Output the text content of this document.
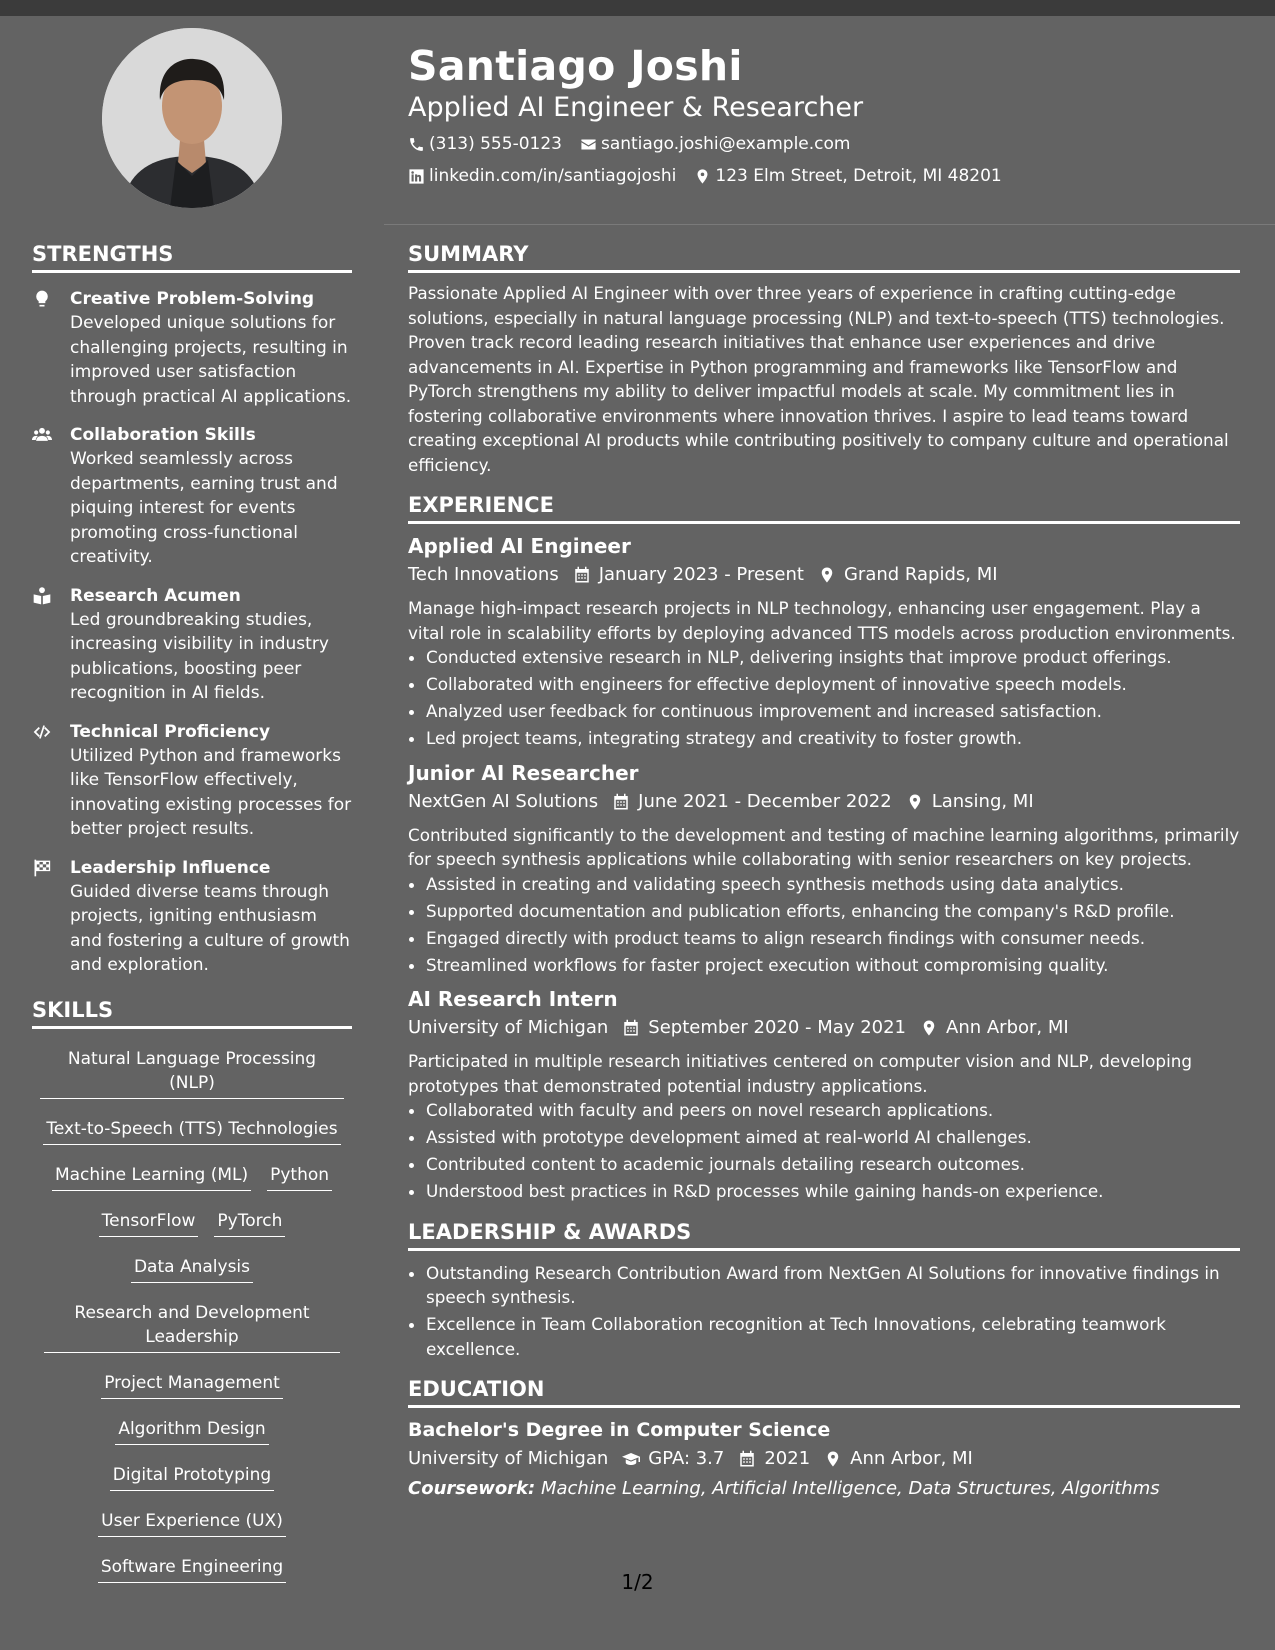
Santiago Joshi
Applied AI Engineer & Researcher
(313) 555-0123 santiago.joshi@example.com
linkedin.com/in/santiagojoshi 123 Elm Street, Detroit, MI 48201
STRENGTHS
Creative Problem-Solving
Developed unique solutions for challenging projects, resulting in improved user satisfaction through practical AI applications.
Collaboration Skills
Worked seamlessly across departments, earning trust and piquing interest for events promoting cross-functional creativity.
Research Acumen
Led groundbreaking studies, increasing visibility in industry publications, boosting peer recognition in AI fields.
Technical Proficiency
Utilized Python and frameworks like TensorFlow effectively, innovating existing processes for better project results.
Leadership Influence
Guided diverse teams through projects, igniting enthusiasm and fostering a culture of growth and exploration.
SKILLS
Natural Language Processing (NLP)
Text-to-Speech (TTS) Technologies
Machine Learning (ML) Python
TensorFlow PyTorch
Data Analysis
Research and Development Leadership
Project Management
Algorithm Design
Digital Prototyping
User Experience (UX)
Software Engineering
SUMMARY
Passionate Applied AI Engineer with over three years of experience in crafting cutting-edge solutions, especially in natural language processing (NLP) and text-to-speech (TTS) technologies. Proven track record leading research initiatives that enhance user experiences and drive advancements in AI. Expertise in Python programming and frameworks like TensorFlow and PyTorch strengthens my ability to deliver impactful models at scale. My commitment lies in fostering collaborative environments where innovation thrives. I aspire to lead teams toward creating exceptional AI products while contributing positively to company culture and operational efficiency.
EXPERIENCE
Applied AI Engineer
Tech Innovations January 2023 - Present Grand Rapids, MI
Manage high-impact research projects in NLP technology, enhancing user engagement. Play a vital role in scalability efforts by deploying advanced TTS models across production environments.
• Conducted extensive research in NLP, delivering insights that improve product offerings.
• Collaborated with engineers for effective deployment of innovative speech models.
• Analyzed user feedback for continuous improvement and increased satisfaction.
• Led project teams, integrating strategy and creativity to foster growth.
Junior AI Researcher
NextGen AI Solutions June 2021 - December 2022 Lansing, MI
Contributed significantly to the development and testing of machine learning algorithms, primarily for speech synthesis applications while collaborating with senior researchers on key projects.
• Assisted in creating and validating speech synthesis methods using data analytics.
• Supported documentation and publication efforts, enhancing the company's R&D profile.
• Engaged directly with product teams to align research findings with consumer needs.
• Streamlined workflows for faster project execution without compromising quality.
AI Research Intern
University of Michigan September 2020 - May 2021 Ann Arbor, MI
Participated in multiple research initiatives centered on computer vision and NLP, developing prototypes that demonstrated potential industry applications.
• Collaborated with faculty and peers on novel research applications.
• Assisted with prototype development aimed at real-world AI challenges.
• Contributed content to academic journals detailing research outcomes.
• Understood best practices in R&D processes while gaining hands-on experience.
LEADERSHIP & AWARDS
• Outstanding Research Contribution Award from NextGen AI Solutions for innovative findings in speech synthesis.
• Excellence in Team Collaboration recognition at Tech Innovations, celebrating teamwork excellence.
EDUCATION
Bachelor's Degree in Computer Science
University of Michigan GPA: 3.7 2021 Ann Arbor, MI
Coursework: Machine Learning, Artificial Intelligence, Data Structures, Algorithms
1/2
